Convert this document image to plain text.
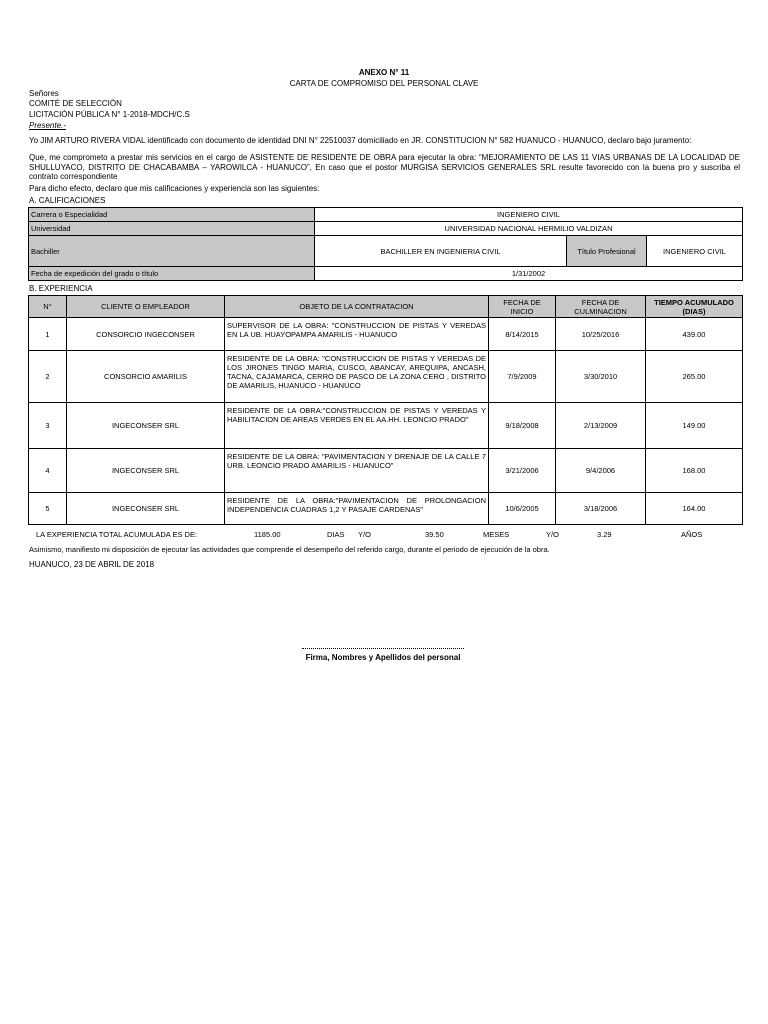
ANEXO N° 11
CARTA DE COMPROMISO DEL PERSONAL CLAVE
Señores
COMITÉ DE SELECCIÓN
LICITACIÓN PÚBLICA N° 1-2018-MDCH/C.S
Presente.-
Yo JIM ARTURO RIVERA VIDAL identificado con documento de identidad DNI N° 22510037 domiciliado en JR. CONSTITUCION N° 582 HUANUCO - HUANUCO, declaro bajo juramento:
Que, me comprometo a prestar mis servicios en el cargo de ASISTENTE DE RESIDENTE DE OBRA para ejecutar la obra: “MEJORAMIENTO DE LAS 11 VIAS URBANAS DE LA LOCALIDAD DE SHULLUYACO, DISTRITO DE CHACABAMBA – YAROWILCA - HUANUCO”, En caso que el postor MURGISA SERVICIOS GENERALES SRL resulte favorecido con la buena pro y suscriba el contrato correspondiente
Para dicho efecto, declaro que mis calificaciones y experiencia son las siguientes:
A. CALIFICACIONES
Carrera o Especialidad	INGENIERO CIVIL		
Universidad	UNIVERSIDAD NACIONAL HERMILIO VALDIZAN		
Bachiller	BACHILLER EN INGENIERIA CIVIL	Título Profesional	INGENIERO CIVIL
Fecha de expedición del grado o título	1/31/2002		
B. EXPERIENCIA
N°	CLIENTE O EMPLEADOR	OBJETO DE LA CONTRATACION	FECHA DE INICIO	FECHA DE CULMINACION	TIEMPO ACUMULADO (DIAS)
1	CONSORCIO INGECONSER	SUPERVISOR DE LA OBRA: "CONSTRUCCION DE PISTAS Y VEREDAS EN LA UB. HUAYOPAMPA AMARILIS - HUANUCO	8/14/2015	10/25/2016	439.00
2	CONSORCIO AMARILIS	RESIDENTE DE LA OBRA: "CONSTRUCCION DE PISTAS Y VEREDAS DE LOS JIRONES TINGO MARIA, CUSCO, ABANCAY, AREQUIPA, ANCASH, TACNA, CAJAMARCA, CERRO DE PASCO DE LA ZONA CERO , DISTRITO DE AMARILIS, HUANUCO - HUANUCO	7/9/2009	3/30/2010	265.00
3	INGECONSER SRL	RESIDENTE DE LA OBRA:"CONSTRUCCION DE PISTAS Y VEREDAS Y HABILITACION DE AREAS VERDES EN EL AA.HH. LEONCIO PRADO"	9/18/2008	2/13/2009	149.00
4	INGECONSER SRL	RESIDENTE DE LA OBRA: "PAVIMENTACION Y DRENAJE DE LA CALLE 7 URB. LEONCIO PRADO AMARILIS - HUANUCO"	3/21/2006	9/4/2006	168.00
5	INGECONSER SRL	RESIDENTE DE LA OBRA:"PAVIMENTACION DE PROLONGACION INDEPENDENCIA CUADRAS 1,2 Y PASAJE CARDENAS"	10/6/2005	3/18/2006	164.00
LA EXPERIENCIA TOTAL ACUMULADA ES DE:	1185.00	DIAS Y/O	39.50	MESES	Y/O	3.29	AÑOS
Asimismo, manifiesto mi disposición de ejecutar las actividades que comprende el desempeño del referido cargo, durante el periodo de ejecución de la obra.
HUANUCO, 23 DE ABRIL DE 2018
Firma, Nombres y Apellidos del personal
